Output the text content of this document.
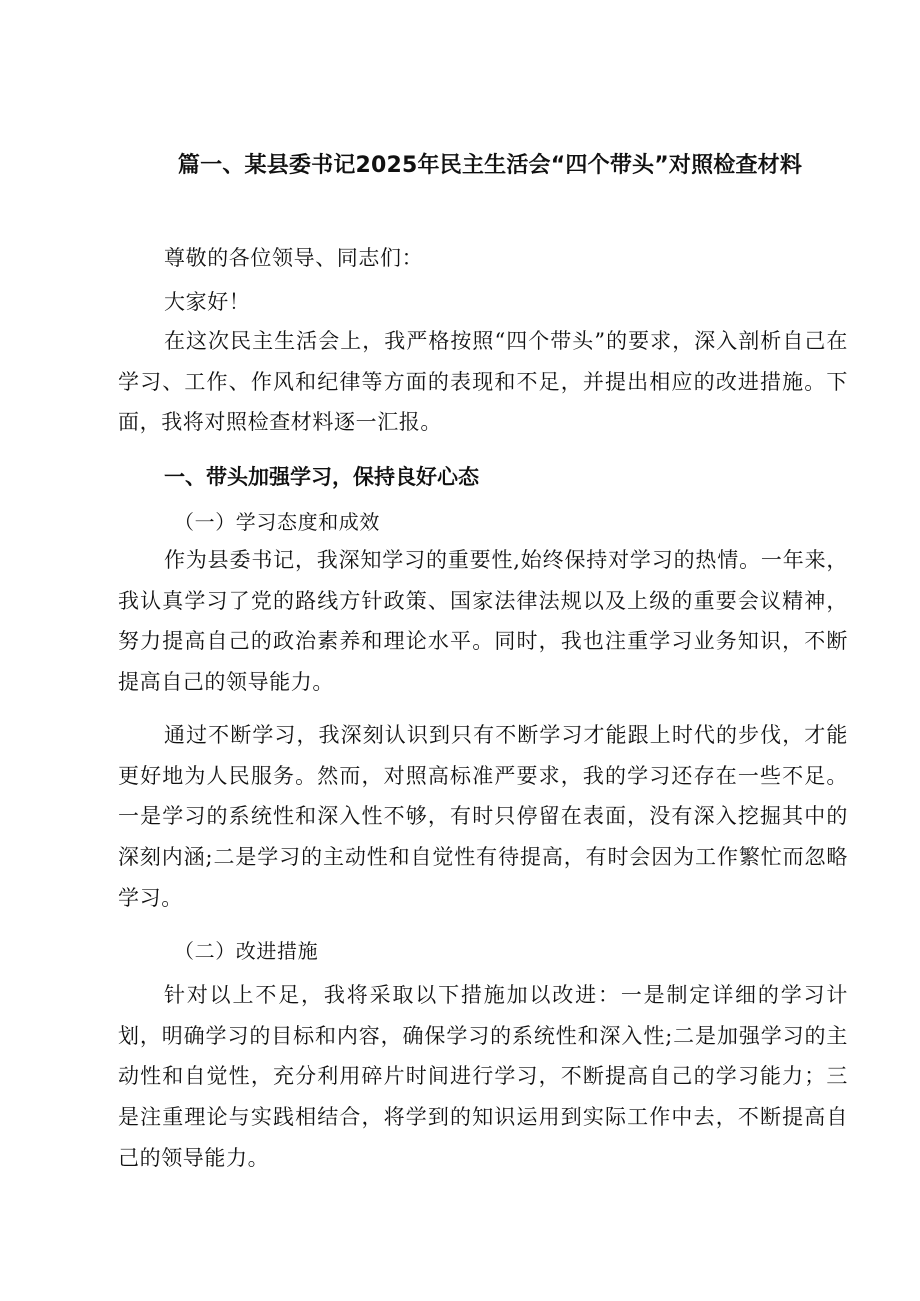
篇一、某县委书记2025年民主生活会“四个带头”对照检查材料
尊敬的各位领导、同志们：
大家好！

在这次民主生活会上，我严格按照“四个带头”的要求，深入剖析自己在学习、工作、作风和纪律等方面的表现和不足，并提出相应的改进措施。下面，我将对照检查材料逐一汇报。

一、带头加强学习，保持良好心态
（一）学习态度和成效

作为县委书记，我深知学习的重要性,始终保持对学习的热情。一年来，我认真学习了党的路线方针政策、国家法律法规以及上级的重要会议精神，努力提高自己的政治素养和理论水平。同时，我也注重学习业务知识，不断提高自己的领导能力。

通过不断学习，我深刻认识到只有不断学习才能跟上时代的步伐，才能更好地为人民服务。然而，对照高标准严要求，我的学习还存在一些不足。一是学习的系统性和深入性不够，有时只停留在表面，没有深入挖掘其中的深刻内涵;二是学习的主动性和自觉性有待提高，有时会因为工作繁忙而忽略学习。

（二）改进措施

针对以上不足，我将采取以下措施加以改进：一是制定详细的学习计划，明确学习的目标和内容，确保学习的系统性和深入性;二是加强学习的主动性和自觉性，充分利用碎片时间进行学习，不断提高自己的学习能力；三是注重理论与实践相结合，将学到的知识运用到实际工作中去，不断提高自己的领导能力。
